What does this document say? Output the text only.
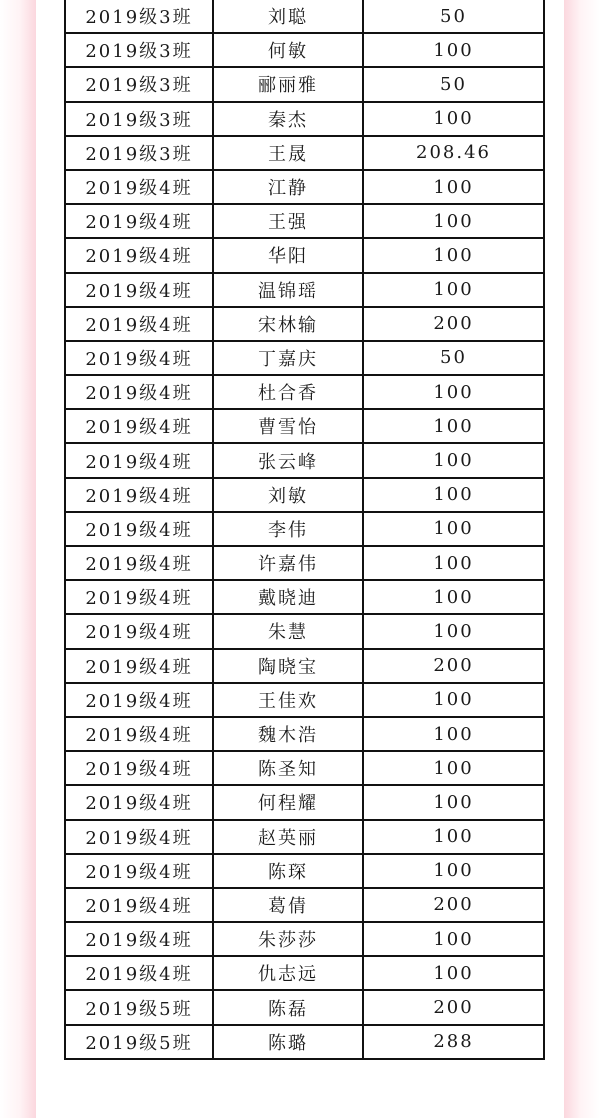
2019级3班	刘聪	50
2019级3班	何敏	100
2019级3班	郦丽雅	50
2019级3班	秦杰	100
2019级3班	王晟	208.46
2019级4班	江静	100
2019级4班	王强	100
2019级4班	华阳	100
2019级4班	温锦瑶	100
2019级4班	宋林输	200
2019级4班	丁嘉庆	50
2019级4班	杜合香	100
2019级4班	曹雪怡	100
2019级4班	张云峰	100
2019级4班	刘敏	100
2019级4班	李伟	100
2019级4班	许嘉伟	100
2019级4班	戴晓迪	100
2019级4班	朱慧	100
2019级4班	陶晓宝	200
2019级4班	王佳欢	100
2019级4班	魏木浩	100
2019级4班	陈圣知	100
2019级4班	何程耀	100
2019级4班	赵英丽	100
2019级4班	陈琛	100
2019级4班	葛倩	200
2019级4班	朱莎莎	100
2019级4班	仇志远	100
2019级5班	陈磊	200
2019级5班	陈璐	288
